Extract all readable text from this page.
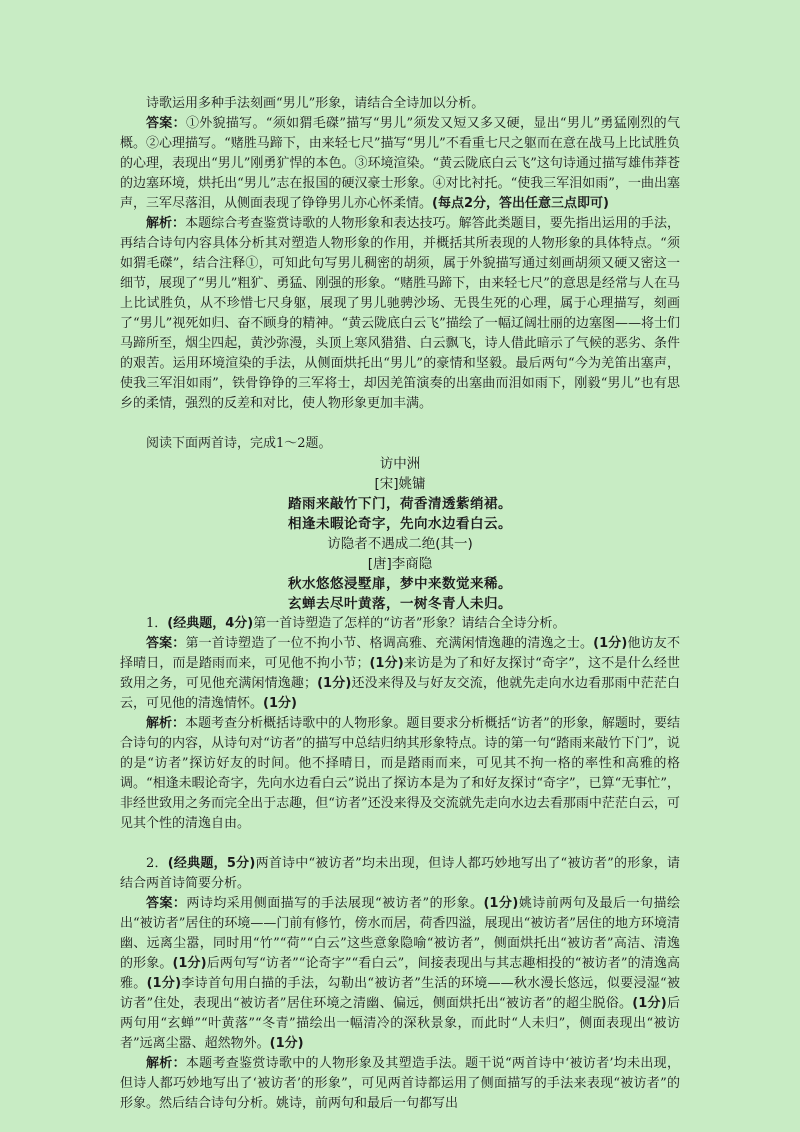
诗歌运用多种手法刻画“男儿”形象，请结合全诗加以分析。

答案：①外貌描写。“须如猬毛磔”描写“男儿”须发又短又多又硬，显出“男儿”勇猛刚烈的气概。②心理描写。“赌胜马蹄下，由来轻七尺”描写“男儿”不看重七尺之躯而在意在战马上比试胜负的心理，表现出“男儿”刚勇犷悍的本色。③环境渲染。“黄云陇底白云飞”这句诗通过描写雄伟莽苍的边塞环境，烘托出“男儿”志在报国的硬汉豪士形象。④对比衬托。“使我三军泪如雨”，一曲出塞声，三军尽落泪，从侧面表现了铮铮男儿亦心怀柔情。(每点2分，答出任意三点即可)

解析：本题综合考查鉴赏诗歌的人物形象和表达技巧。解答此类题目，要先指出运用的手法，再结合诗句内容具体分析其对塑造人物形象的作用，并概括其所表现的人物形象的具体特点。“须如猬毛磔”，结合注释①，可知此句写男儿稠密的胡须，属于外貌描写通过刻画胡须又硬又密这一细节，展现了“男儿”粗犷、勇猛、刚强的形象。“赌胜马蹄下，由来轻七尺”的意思是经常与人在马上比试胜负，从不珍惜七尺身躯，展现了男儿驰骋沙场、无畏生死的心理，属于心理描写，刻画了“男儿”视死如归、奋不顾身的精神。“黄云陇底白云飞”描绘了一幅辽阔壮丽的边塞图——将士们马蹄所至，烟尘四起，黄沙弥漫，头顶上寒风猎猎、白云飘飞，诗人借此暗示了气候的恶劣、条件的艰苦。运用环境渲染的手法，从侧面烘托出“男儿”的豪情和坚毅。最后两句“今为羌笛出塞声，使我三军泪如雨”，铁骨铮铮的三军将士，却因羌笛演奏的出塞曲而泪如雨下，刚毅“男儿”也有思乡的柔情，强烈的反差和对比，使人物形象更加丰满。

阅读下面两首诗，完成1～2题。

访中洲

[宋]姚镛

踏雨来敲竹下门，荷香清透紫绡裙。

相逢未暇论奇字，先向水边看白云。

访隐者不遇成二绝(其一)

[唐]李商隐

秋水悠悠浸墅扉，梦中来数觉来稀。

玄蝉去尽叶黄落，一树冬青人未归。

1．(经典题，4分)第一首诗塑造了怎样的“访者”形象？请结合全诗分析。

答案：第一首诗塑造了一位不拘小节、格调高雅、充满闲情逸趣的清逸之士。(1分)他访友不择晴日，而是踏雨而来，可见他不拘小节；(1分)来访是为了和好友探讨“奇字”，这不是什么经世致用之务，可见他充满闲情逸趣；(1分)还没来得及与好友交流，他就先走向水边看那雨中茫茫白云，可见他的清逸情怀。(1分)

解析：本题考查分析概括诗歌中的人物形象。题目要求分析概括“访者”的形象，解题时，要结合诗句的内容，从诗句对“访者”的描写中总结归纳其形象特点。诗的第一句“踏雨来敲竹下门”，说的是“访者”探访好友的时间。他不择晴日，而是踏雨而来，可见其不拘一格的率性和高雅的格调。“相逢未暇论奇字，先向水边看白云”说出了探访本是为了和好友探讨“奇字”，已算“无事忙”，非经世致用之务而完全出于志趣，但“访者”还没来得及交流就先走向水边去看那雨中茫茫白云，可见其个性的清逸自由。

2．(经典题，5分)两首诗中“被访者”均未出现，但诗人都巧妙地写出了“被访者”的形象，请结合两首诗简要分析。

答案：两诗均采用侧面描写的手法展现“被访者”的形象。(1分)姚诗前两句及最后一句描绘出“被访者”居住的环境——门前有修竹，傍水而居，荷香四溢，展现出“被访者”居住的地方环境清幽、远离尘嚣，同时用“竹”“荷”“白云”这些意象隐喻“被访者”，侧面烘托出“被访者”高洁、清逸的形象。(1分)后两句写“访者”“论奇字”“看白云”，间接表现出与其志趣相投的“被访者”的清逸高雅。(1分)李诗首句用白描的手法，勾勒出“被访者”生活的环境——秋水漫长悠远，似要浸湿“被访者”住处，表现出“被访者”居住环境之清幽、偏远，侧面烘托出“被访者”的超尘脱俗。(1分)后两句用“玄蝉”“叶黄落”“冬青”描绘出一幅清冷的深秋景象，而此时“人未归”，侧面表现出“被访者”远离尘嚣、超然物外。(1分)

解析：本题考查鉴赏诗歌中的人物形象及其塑造手法。题干说“两首诗中‘被访者’均未出现，但诗人都巧妙地写出了‘被访者’的形象”，可见两首诗都运用了侧面描写的手法来表现“被访者”的形象。然后结合诗句分析。姚诗，前两句和最后一句都写出
